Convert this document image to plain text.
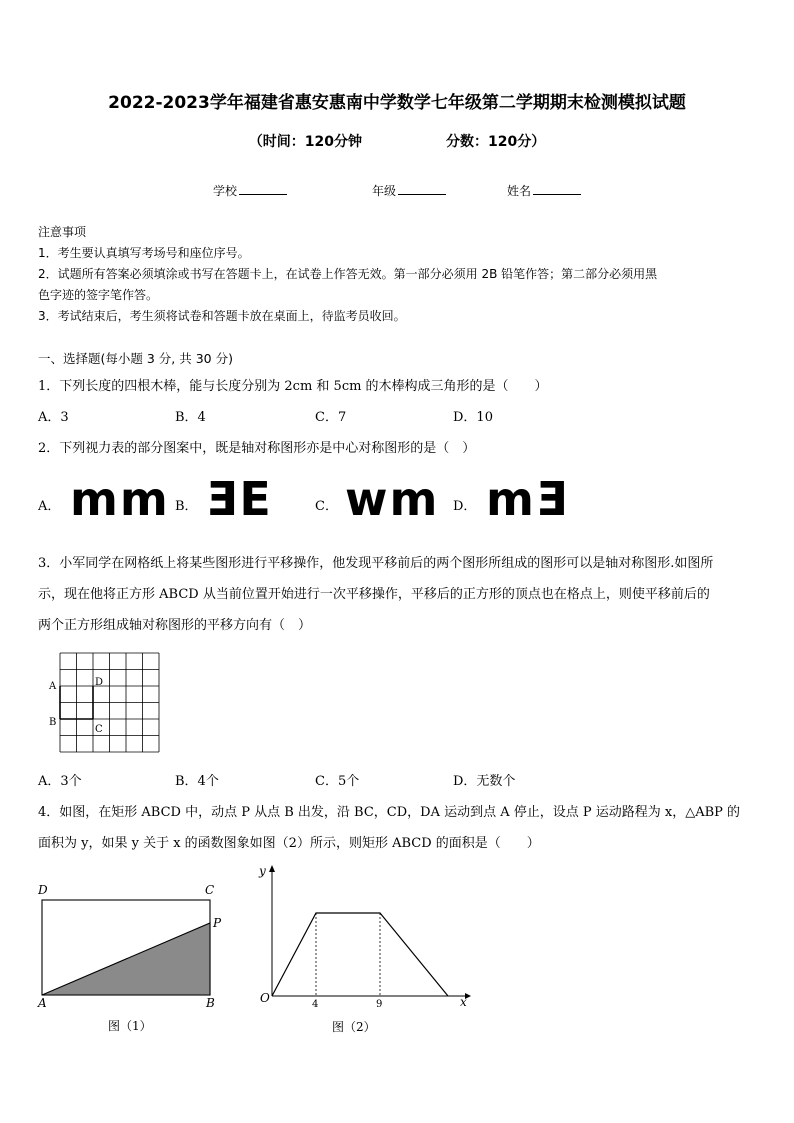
2022-2023学年福建省惠安惠南中学数学七年级第二学期期末检测模拟试题
（时间：120分钟　　　　　　分数：120分）
学校	年级	姓名
注意事项
1．考生要认真填写考场号和座位序号。
2．试题所有答案必须填涂或书写在答题卡上，在试卷上作答无效。第一部分必须用 2B 铅笔作答；第二部分必须用黑
色字迹的签字笔作答。
3．考试结束后，考生须将试卷和答题卡放在桌面上，待监考员收回。
一、选择题(每小题 3 分, 共 30 分)
1．下列长度的四根木棒，能与长度分别为 2cm 和 5cm 的木棒构成三角形的是（　　）
A．3	B．4	C．7	D．10
2．下列视力表的部分图案中，既是轴对称图形亦是中心对称图形的是（　）
A． mm B． ƎE	C． wm D． mƎ
3．小军同学在网格纸上将某些图形进行平移操作，他发现平移前后的两个图形所组成的图形可以是轴对称图形.如图所
示，现在他将正方形 ABCD 从当前位置开始进行一次平移操作，平移后的正方形的顶点也在格点上，则使平移前后的
两个正方形组成轴对称图形的平移方向有（　）
A	D
B
C
A．3个	B．4个	C．5个	D．无数个
4．如图，在矩形 ABCD 中，动点 P 从点 B 出发，沿 BC，CD，DA 运动到点 A 停止，设点 P 运动路程为 x，△ABP 的
面积为 y，如果 y 关于 x 的函数图象如图（2）所示，则矩形 ABCD 的面积是（　　）
D	C
P
A	B
图（1）
y
O	4	9	x
图（2）
